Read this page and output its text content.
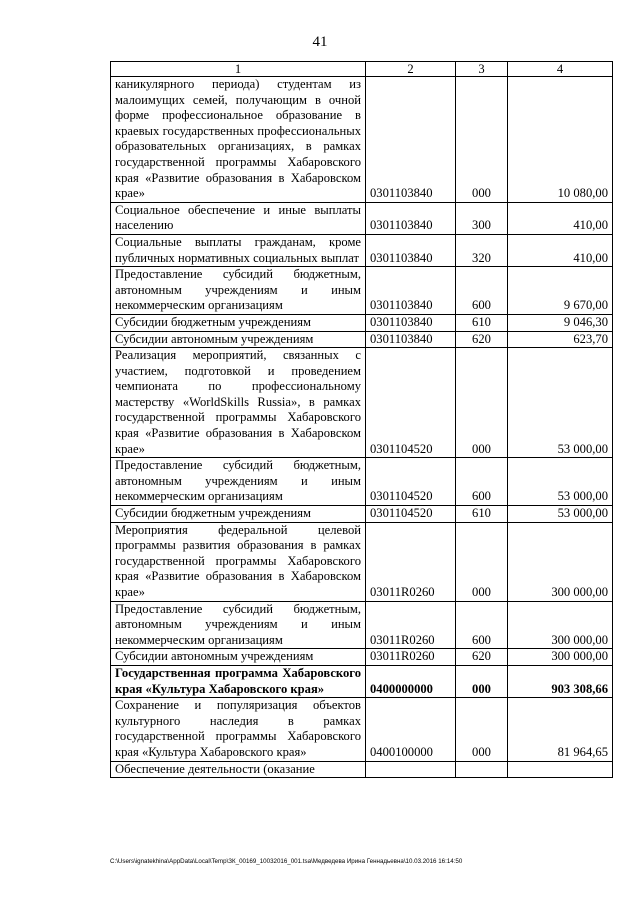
41
1	2	3	4
каникулярного периода) студентам из малоимущих семей, получающим в очной форме профессиональное образование в краевых государственных профессиональных образовательных организациях, в рамках государственной программы Хабаровского края «Развитие образования в Хабаровском крае»	0301103840	000	10 080,00
Социальное обеспечение и иные выплаты населению	0301103840	300	410,00
Социальные выплаты гражданам, кроме публичных нормативных социальных выплат	0301103840	320	410,00
Предоставление субсидий бюджетным, автономным учреждениям и иным некоммерческим организациям	0301103840	600	9 670,00
Субсидии бюджетным учреждениям	0301103840	610	9 046,30
Субсидии автономным учреждениям	0301103840	620	623,70
Реализация мероприятий, связанных с участием, подготовкой и проведением чемпионата по профессиональному мастерству «WorldSkills Russia», в рамках государственной программы Хабаровского края «Развитие образования в Хабаровском крае»	0301104520	000	53 000,00
Предоставление субсидий бюджетным, автономным учреждениям и иным некоммерческим организациям	0301104520	600	53 000,00
Субсидии бюджетным учреждениям	0301104520	610	53 000,00
Мероприятия федеральной целевой программы развития образования в рамках государственной программы Хабаровского края «Развитие образования в Хабаровском крае»	03011R0260	000	300 000,00
Предоставление субсидий бюджетным, автономным учреждениям и иным некоммерческим организациям	03011R0260	600	300 000,00
Субсидии автономным учреждениям	03011R0260	620	300 000,00
Государственная программа Хабаровского края «Культура Хабаровского края»	0400000000	000	903 308,66
Сохранение и популяризация объектов культурного наследия в рамках государственной программы Хабаровского края «Культура Хабаровского края»	0400100000	000	81 964,65
Обеспечение деятельности (оказание			
C:\Users\ignatekhina\AppData\Local\Temp\ЗК_00169_10032016_001.tsa\Медведева Ирина Геннадьевна\10.03.2016 16:14:50
